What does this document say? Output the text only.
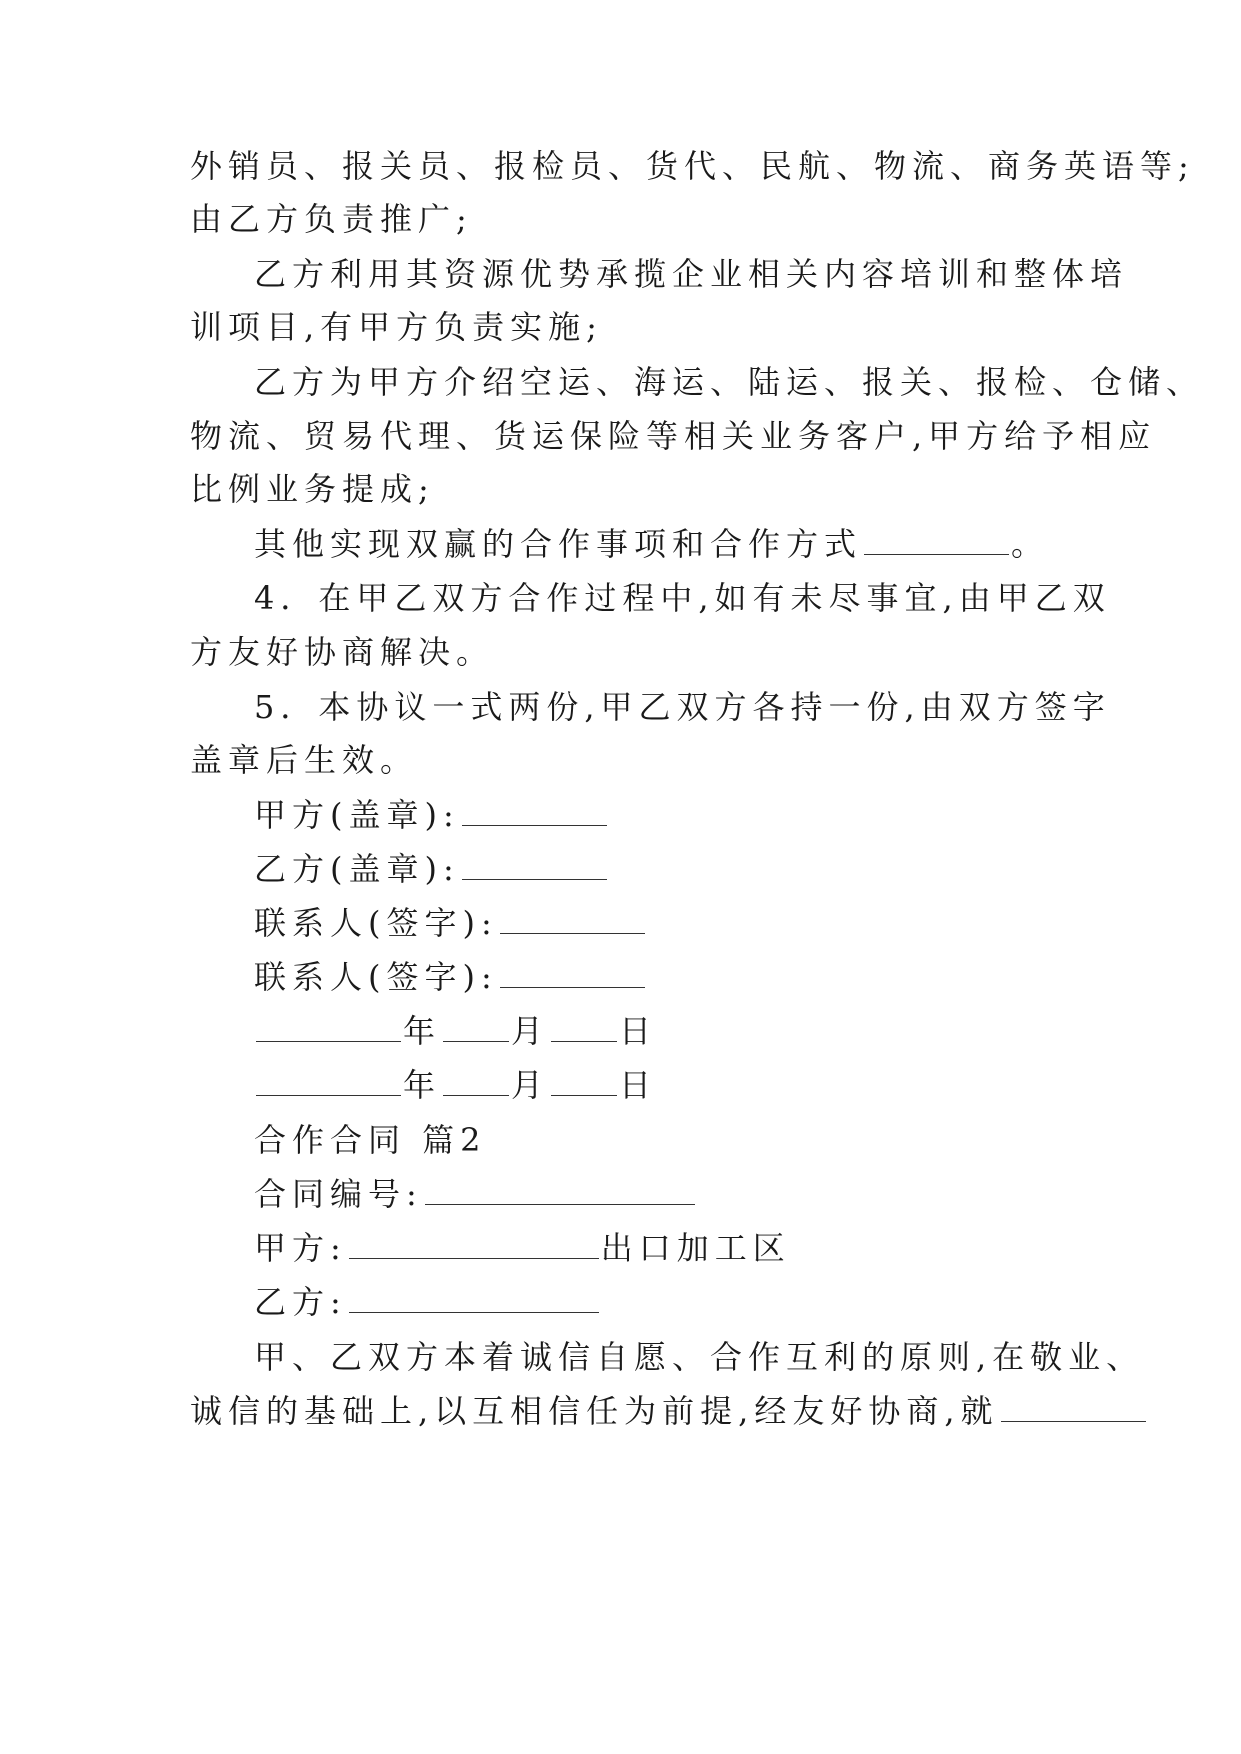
外销员、报关员、报检员、货代、民航、物流、商务英语等;
由乙方负责推广;
乙方利用其资源优势承揽企业相关内容培训和整体培
训项目,有甲方负责实施;
乙方为甲方介绍空运、海运、陆运、报关、报检、仓储、
物流、贸易代理、货运保险等相关业务客户,甲方给予相应
比例业务提成;
其他实现双赢的合作事项和合作方式	。
4．在甲乙双方合作过程中,如有未尽事宜,由甲乙双
方友好协商解决。
5．本协议一式两份,甲乙双方各持一份,由双方签字
盖章后生效。
甲方(盖章):
乙方(盖章):
联系人(签字):
联系人(签字):
年 月 日
年 月 日
合作合同 篇2
合同编号:
甲方:	出口加工区
乙方:
甲、乙双方本着诚信自愿、合作互利的原则,在敬业、
诚信的基础上,以互相信任为前提,经友好协商,就
